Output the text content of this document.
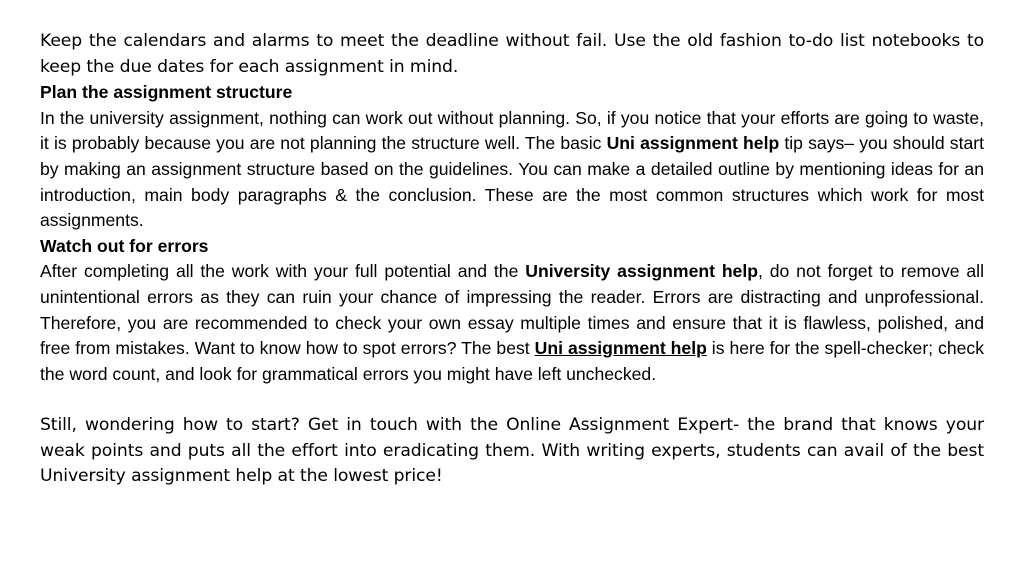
Keep the calendars and alarms to meet the deadline without fail. Use the old fashion to-do list notebooks to keep the due dates for each assignment in mind.

Plan the assignment structure

In the university assignment, nothing can work out without planning. So, if you notice that your efforts are going to waste, it is probably because you are not planning the structure well. The basic Uni assignment help tip says– you should start by making an assignment structure based on the guidelines. You can make a detailed outline by mentioning ideas for an introduction, main body paragraphs & the conclusion. These are the most common structures which work for most assignments.

Watch out for errors

After completing all the work with your full potential and the University assignment help, do not forget to remove all unintentional errors as they can ruin your chance of impressing the reader. Errors are distracting and unprofessional. Therefore, you are recommended to check your own essay multiple times and ensure that it is flawless, polished, and free from mistakes. Want to know how to spot errors? The best Uni assignment help is here for the spell-checker; check the word count, and look for grammatical errors you might have left unchecked.

Still, wondering how to start? Get in touch with the Online Assignment Expert- the brand that knows your weak points and puts all the effort into eradicating them. With writing experts, students can avail of the best University assignment help at the lowest price!
